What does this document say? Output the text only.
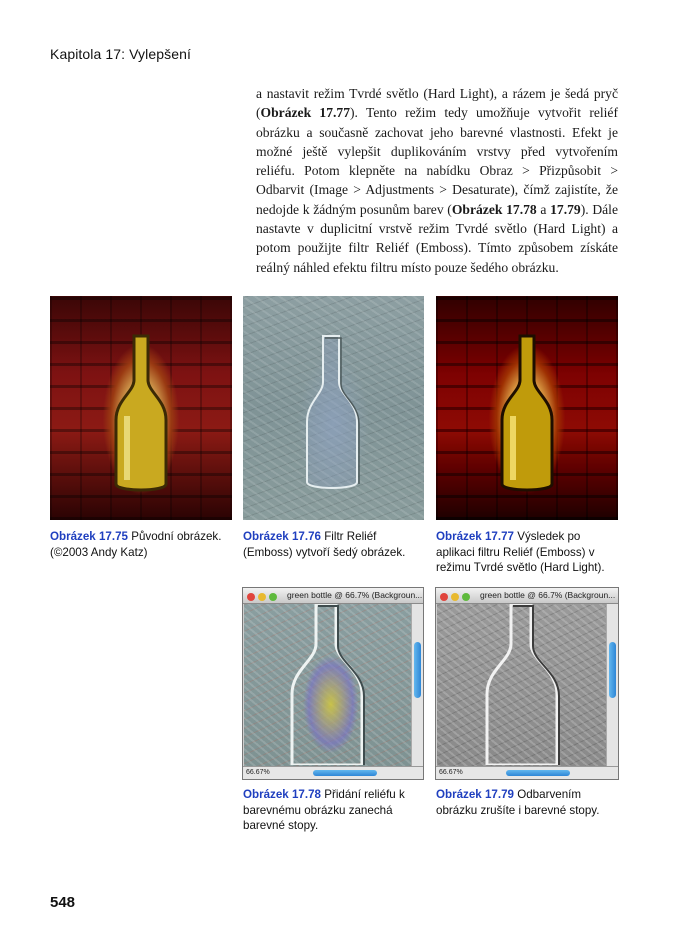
Kapitola 17: Vylepšení

a nastavit režim Tvrdé světlo (Hard Light), a rázem je šedá pryč (Obrázek 17.77). Tento režim tedy umožňuje vytvořit reliéf obrázku a současně zachovat jeho barevné vlastnosti. Efekt je možné ještě vylepšit duplikováním vrstvy před vytvořením reliéfu. Potom klepněte na nabídku Obraz > Přizpůsobit > Odbarvit (Image > Adjustments > Desaturate), čímž zajistíte, že nedojde k žádným posunům barev (Obrázek 17.78 a 17.79). Dále nastavte v duplicitní vrstvě režim Tvrdé světlo (Hard Light) a potom použijte filtr Reliéf (Emboss). Tímto způsobem získáte reálný náhled efektu filtru místo pouze šedého obrázku.

Obrázek 17.75 Původní obrázek. (©2003 Andy Katz)
Obrázek 17.76 Filtr Reliéf (Emboss) vytvoří šedý obrázek.
Obrázek 17.77 Výsledek po aplikaci filtru Reliéf (Emboss) v režimu Tvrdé světlo (Hard Light).
green bottle @ 66.7% (Backgroun...
66.67%
green bottle @ 66.7% (Backgroun...
66.67%
Obrázek 17.78 Přidání reliéfu k barevnému obrázku zanechá barevné stopy.
Obrázek 17.79 Odbarvením obrázku zrušíte i barevné stopy.
548
